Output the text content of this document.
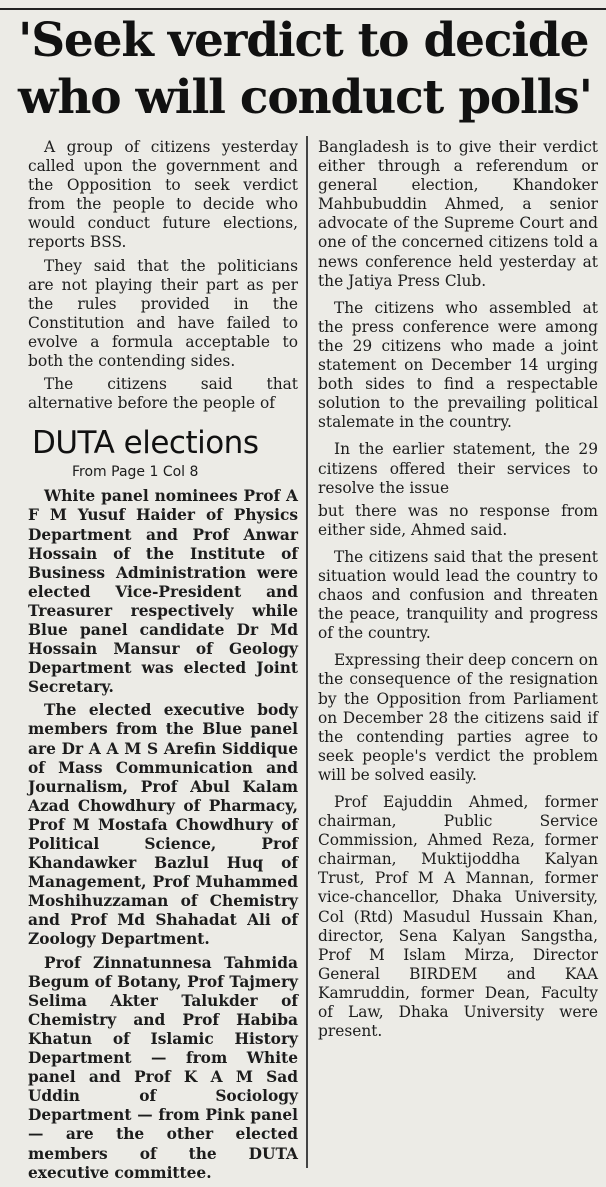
'Seek verdict to decide
who will conduct polls'

A group of citizens yesterday called upon the government and the Opposition to seek verdict from the people to decide who would conduct future elections, reports BSS.

They said that the politicians are not playing their part as per the rules provided in the Constitution and have failed to evolve a formula acceptable to both the contending sides.

The citizens said that alternative before the people of

DUTA elections
From Page 1 Col 8

White panel nominees Prof A F M Yusuf Haider of Physics Department and Prof Anwar Hossain of the Institute of Business Administration were elected Vice-President and Treasurer respectively while Blue panel candidate Dr Md Hossain Mansur of Geology Department was elected Joint Secretary.

The elected executive body members from the Blue panel are Dr A A M S Arefin Siddique of Mass Communication and Journalism, Prof Abul Kalam Azad Chowdhury of Pharmacy, Prof M Mostafa Chowdhury of Political Science, Prof Khandawker Bazlul Huq of Management, Prof Muhammed Moshihuzzaman of Chemistry and Prof Md Shahadat Ali of Zoology Department.

Prof Zinnatunnesa Tahmida Begum of Botany, Prof Tajmery Selima Akter Talukder of Chemistry and Prof Habiba Khatun of Islamic History Department — from White panel and Prof K A M Sad Uddin of Sociology Department — from Pink panel — are the other elected members of the DUTA executive committee.

Bangladesh is to give their verdict either through a referendum or general election, Khandoker Mahbubuddin Ahmed, a senior advocate of the Supreme Court and one of the concerned citizens told a news conference held yesterday at the Jatiya Press Club.

The citizens who assembled at the press conference were among the 29 citizens who made a joint statement on December 14 urging both sides to find a respectable solution to the prevailing political stalemate in the country.

In the earlier statement, the 29 citizens offered their services to resolve the issue

but there was no response from either side, Ahmed said.

The citizens said that the present situation would lead the country to chaos and confusion and threaten the peace, tranquility and progress of the country.

Expressing their deep concern on the consequence of the resignation by the Opposition from Parliament on December 28 the citizens said if the contending parties agree to seek people's verdict the problem will be solved easily.

Prof Eajuddin Ahmed, former chairman, Public Service Commission, Ahmed Reza, former chairman, Muktijoddha Kalyan Trust, Prof M A Mannan, former vice-chancellor, Dhaka University, Col (Rtd) Masudul Hussain Khan, director, Sena Kalyan Sangstha, Prof M Islam Mirza, Director General BIRDEM and KAA Kamruddin, former Dean, Faculty of Law, Dhaka University were present.
